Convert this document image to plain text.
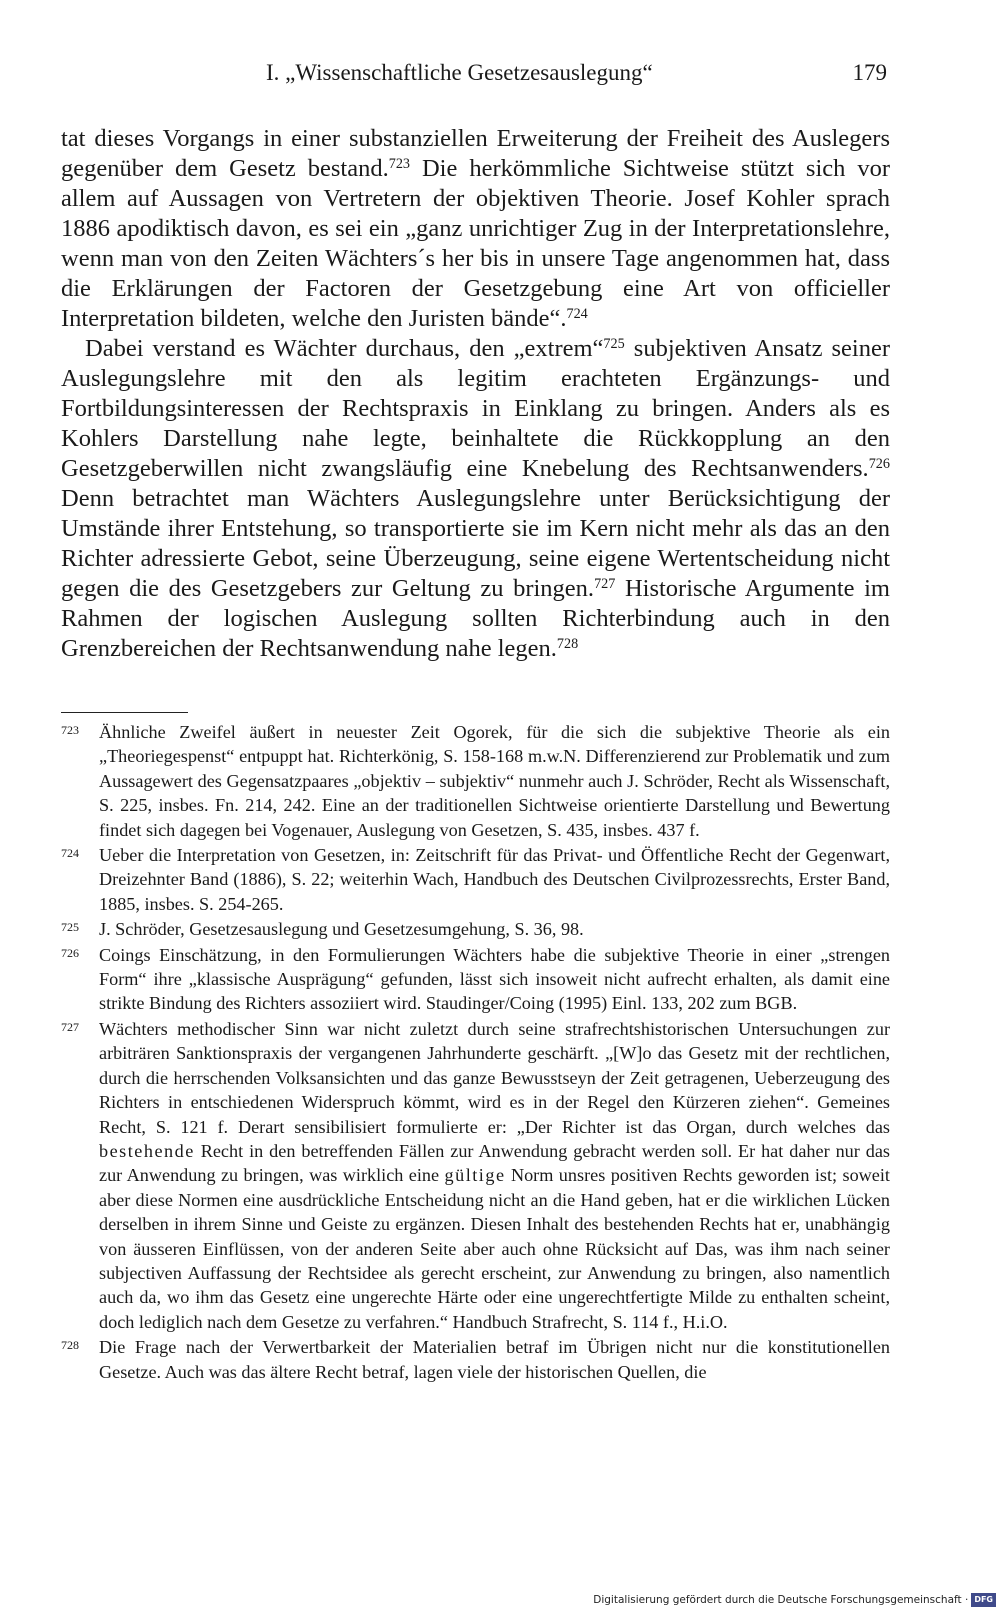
I. „Wissenschaftliche Gesetzesauslegung“	179

tat dieses Vorgangs in einer substanziellen Erweiterung der Freiheit des Auslegers gegenüber dem Gesetz bestand.$^{723}$ Die herkömmliche Sichtweise stützt sich vor allem auf Aussagen von Vertretern der objektiven Theorie. Josef Kohler sprach 1886 apodiktisch davon, es sei ein „ganz unrichtiger Zug in der Interpretationslehre, wenn man von den Zeiten Wächters´s her bis in unsere Tage angenommen hat, dass die Erklärungen der Factoren der Gesetzgebung eine Art von officieller Interpretation bildeten, welche den Juristen bände“.$^{724}$

Dabei verstand es Wächter durchaus, den „extrem“$^{725}$ subjektiven Ansatz seiner Auslegungslehre mit den als legitim erachteten Ergänzungs- und Fortbildungsinteressen der Rechtspraxis in Einklang zu bringen. Anders als es Kohlers Darstellung nahe legte, beinhaltete die Rückkopplung an den Gesetzgeberwillen nicht zwangsläufig eine Knebelung des Rechtsanwenders.$^{726}$ Denn betrachtet man Wächters Auslegungslehre unter Berücksichtigung der Umstände ihrer Entstehung, so transportierte sie im Kern nicht mehr als das an den Richter adressierte Gebot, seine Überzeugung, seine eigene Wertentscheidung nicht gegen die des Gesetzgebers zur Geltung zu bringen.$^{727}$ Historische Argumente im Rahmen der logischen Auslegung sollten Richterbindung auch in den Grenzbereichen der Rechtsanwendung nahe legen.$^{728}$

723 Ähnliche Zweifel äußert in neuester Zeit Ogorek, für die sich die subjektive Theorie als ein „Theoriegespenst“ entpuppt hat. Richterkönig, S. 158-168 m.w.N. Differenzierend zur Problematik und zum Aussagewert des Gegensatzpaares „objektiv – subjektiv“ nunmehr auch J. Schröder, Recht als Wissenschaft, S. 225, insbes. Fn. 214, 242. Eine an der traditionellen Sichtweise orientierte Darstellung und Bewertung findet sich dagegen bei Vogenauer, Auslegung von Gesetzen, S. 435, insbes. 437 f.
724 Ueber die Interpretation von Gesetzen, in: Zeitschrift für das Privat- und Öffentliche Recht der Gegenwart, Dreizehnter Band (1886), S. 22; weiterhin Wach, Handbuch des Deutschen Civilprozessrechts, Erster Band, 1885, insbes. S. 254-265.
725 J. Schröder, Gesetzesauslegung und Gesetzesumgehung, S. 36, 98.
726 Coings Einschätzung, in den Formulierungen Wächters habe die subjektive Theorie in einer „strengen Form“ ihre „klassische Ausprägung“ gefunden, lässt sich insoweit nicht aufrecht erhalten, als damit eine strikte Bindung des Richters assoziiert wird. Staudinger/Coing (1995) Einl. 133, 202 zum BGB.
727 Wächters methodischer Sinn war nicht zuletzt durch seine strafrechtshistorischen Untersuchungen zur arbiträren Sanktionspraxis der vergangenen Jahrhunderte geschärft. „[W]o das Gesetz mit der rechtlichen, durch die herrschenden Volksansichten und das ganze Bewusstseyn der Zeit getragenen, Ueberzeugung des Richters in entschiedenen Widerspruch kömmt, wird es in der Regel den Kürzeren ziehen“. Gemeines Recht, S. 121 f. Derart sensibilisiert formulierte er: „Der Richter ist das Organ, durch welches das bestehende Recht in den betreffenden Fällen zur Anwendung gebracht werden soll. Er hat daher nur das zur Anwendung zu bringen, was wirklich eine gültige Norm unsres positiven Rechts geworden ist; soweit aber diese Normen eine ausdrückliche Entscheidung nicht an die Hand geben, hat er die wirklichen Lücken derselben in ihrem Sinne und Geiste zu ergänzen. Diesen Inhalt des bestehenden Rechts hat er, unabhängig von äusseren Einflüssen, von der anderen Seite aber auch ohne Rücksicht auf Das, was ihm nach seiner subjectiven Auffassung der Rechtsidee als gerecht erscheint, zur Anwendung zu bringen, also namentlich auch da, wo ihm das Gesetz eine ungerechte Härte oder eine ungerechtfertigte Milde zu enthalten scheint, doch lediglich nach dem Gesetze zu verfahren.“ Handbuch Strafrecht, S. 114 f., H.i.O.
728 Die Frage nach der Verwertbarkeit der Materialien betraf im Übrigen nicht nur die konstitutionellen Gesetze. Auch was das ältere Recht betraf, lagen viele der historischen Quellen, die
Digitalisierung gefördert durch die Deutsche Forschungsgemeinschaft · DFG
